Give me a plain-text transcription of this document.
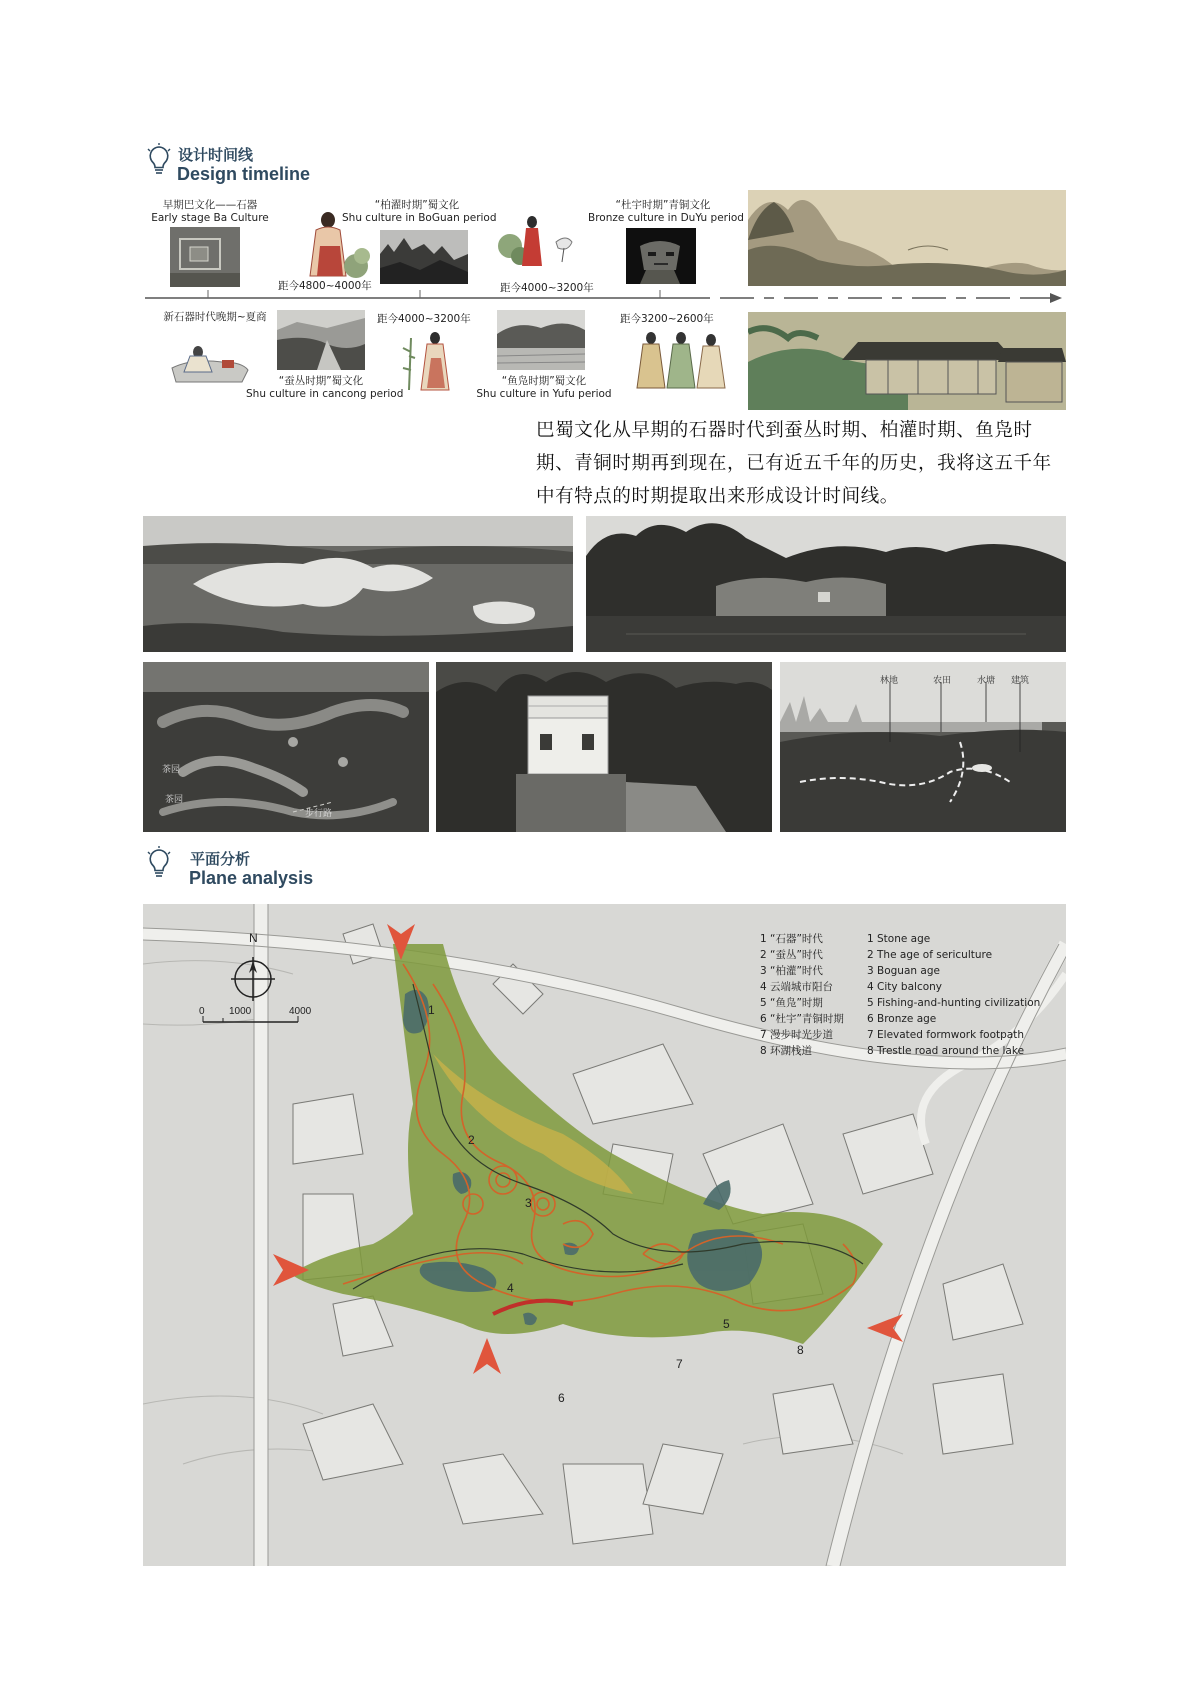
设计时间线
Design timeline
早期巴文化——石器
Early stage Ba Culture
“柏濯时期”蜀文化
Shu culture in BoGuan period
“杜宇时期”青铜文化
Bronze culture in DuYu period
距今4800~4000年
距今4000~3200年
距今4000~3200年
距今3200~2600年
新石器时代晚期~夏商
“蚕丛时期”蜀文化
Shu culture in cancong period
“鱼凫时期”蜀文化
Shu culture in Yufu period
巴蜀文化从早期的石器时代到蚕丛时期、柏灌时期、鱼凫时期、青铜时期再到现在，已有近五千年的历史，我将这五千年中有特点的时期提取出来形成设计时间线。
茶园
茶园
步行路
林地	农田	水塘 建筑
平面分析
Plane analysis
N
0 1000	4000	1
2
3
4
5
6
7
8
1 “石器”时代
2 “蚕丛”时代
3 “柏灌”时代
4 云端城市阳台
5 “鱼凫”时期
6 “杜宇”青铜时期
7 漫步时光步道
8 环湖栈道
1 Stone age
2 The age of sericulture
3 Boguan age
4 City balcony
5 Fishing-and-hunting civilization
6 Bronze age
7 Elevated formwork footpath
8 Trestle road around the lake
